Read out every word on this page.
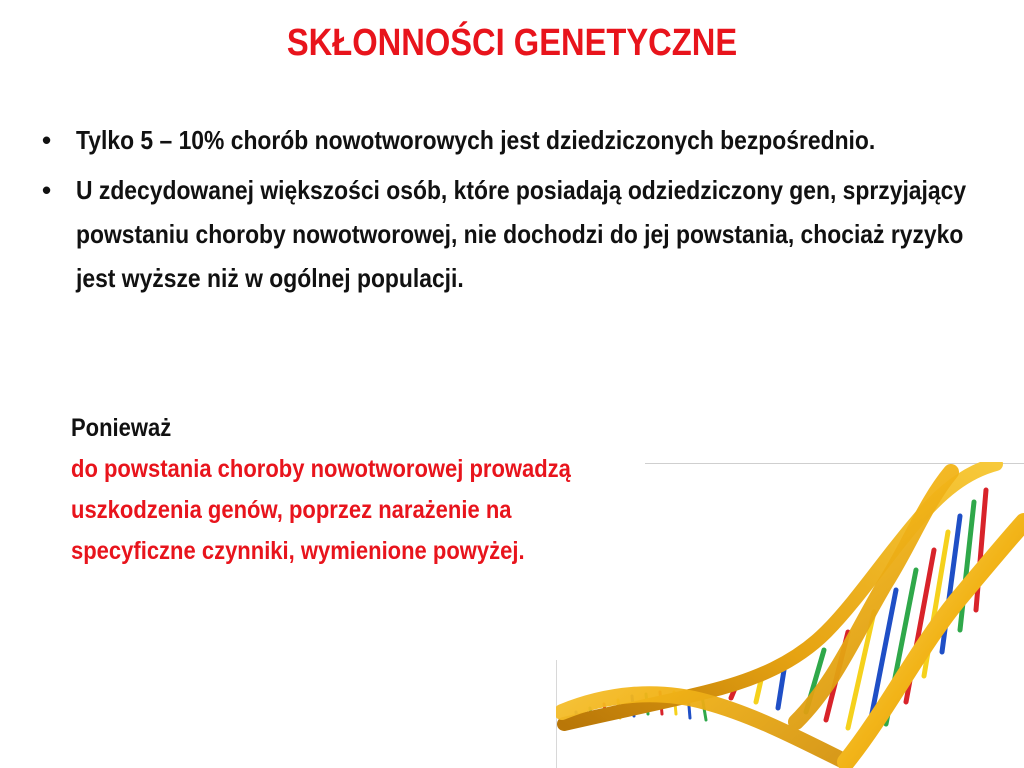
SKŁONNOŚCI GENETYCZNE
• Tylko 5 – 10% chorób nowotworowych jest dziedziczonych bezpośrednio.
• U zdecydowanej większości osób, które posiadają odziedziczony gen, sprzyjający powstaniu choroby nowotworowej, nie dochodzi do jej powstania, chociaż ryzyko jest wyższe niż w ogólnej populacji.
Ponieważ
do powstania choroby nowotworowej prowadzą uszkodzenia genów, poprzez narażenie na specyficzne czynniki, wymienione powyżej.
